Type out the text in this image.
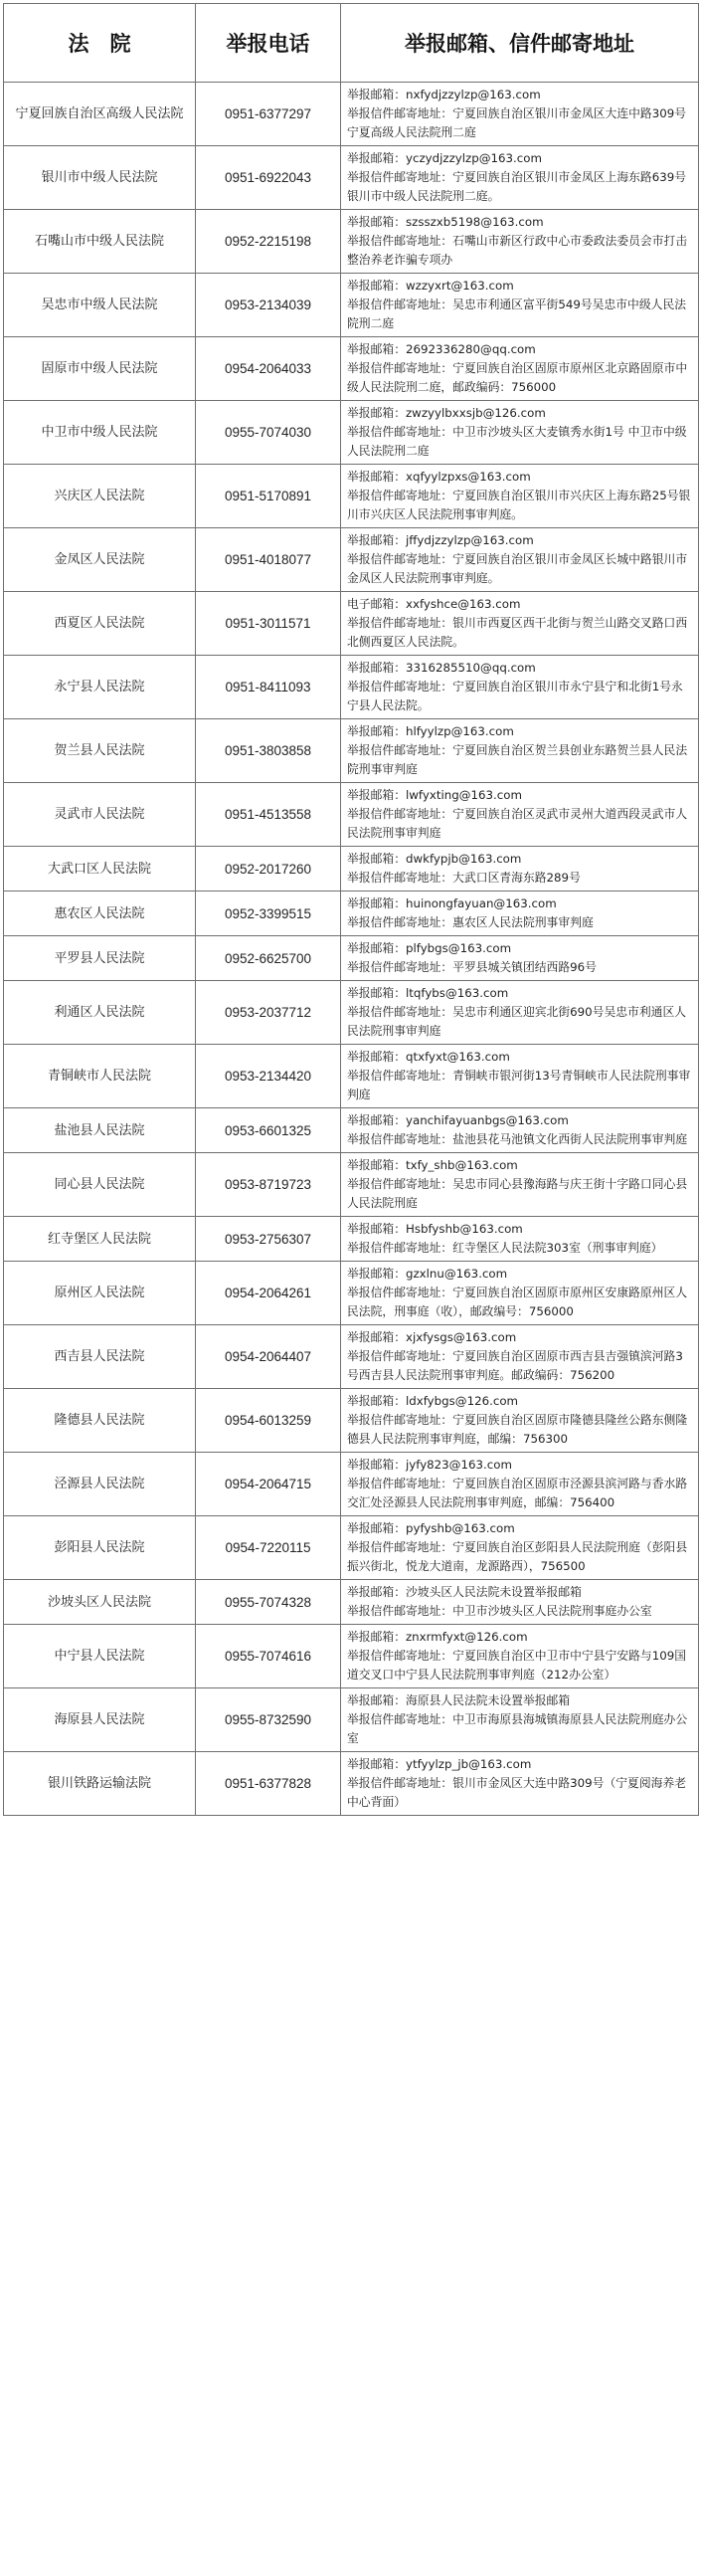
法　院	举报电话	举报邮箱、信件邮寄地址
宁夏回族自治区高级人民法院	0951-6377297	举报邮箱：nxfydjzzylzp@163.com
举报信件邮寄地址：宁夏回族自治区银川市金凤区大连中路309号宁夏高级人民法院刑二庭

银川市中级人民法院	0951-6922043	举报邮箱：yczydjzzylzp@163.com
举报信件邮寄地址：宁夏回族自治区银川市金凤区上海东路639号银川市中级人民法院刑二庭。

石嘴山市中级人民法院	0952-2215198	举报邮箱：szsszxb5198@163.com
举报信件邮寄地址：石嘴山市新区行政中心市委政法委员会市打击整治养老诈骗专项办

吴忠市中级人民法院	0953-2134039	举报邮箱：wzzyxrt@163.com
举报信件邮寄地址：吴忠市利通区富平街549号吴忠市中级人民法院刑二庭

固原市中级人民法院	0954-2064033	举报邮箱：2692336280@qq.com
举报信件邮寄地址：宁夏回族自治区固原市原州区北京路固原市中级人民法院刑二庭，邮政编码：756000

中卫市中级人民法院	0955-7074030	举报邮箱：zwzyylbxxsjb@126.com
举报信件邮寄地址：中卫市沙坡头区大麦镇秀水街1号 中卫市中级人民法院刑二庭

兴庆区人民法院	0951-5170891	举报邮箱：xqfyylzpxs@163.com
举报信件邮寄地址：宁夏回族自治区银川市兴庆区上海东路25号银川市兴庆区人民法院刑事审判庭。

金凤区人民法院	0951-4018077	举报邮箱：jffydjzzylzp@163.com
举报信件邮寄地址：宁夏回族自治区银川市金凤区长城中路银川市金凤区人民法院刑事审判庭。

西夏区人民法院	0951-3011571	电子邮箱：xxfyshce@163.com
举报信件邮寄地址：银川市西夏区西干北街与贺兰山路交叉路口西北侧西夏区人民法院。

永宁县人民法院	0951-8411093	举报邮箱：3316285510@qq.com
举报信件邮寄地址：宁夏回族自治区银川市永宁县宁和北街1号永宁县人民法院。

贺兰县人民法院	0951-3803858	举报邮箱：hlfyylzp@163.com
举报信件邮寄地址：宁夏回族自治区贺兰县创业东路贺兰县人民法院刑事审判庭

灵武市人民法院	0951-4513558	举报邮箱：lwfyxting@163.com
举报信件邮寄地址：宁夏回族自治区灵武市灵州大道西段灵武市人民法院刑事审判庭

大武口区人民法院	0952-2017260	举报邮箱：dwkfypjb@163.com
举报信件邮寄地址：大武口区青海东路289号

惠农区人民法院	0952-3399515	举报邮箱：huinongfayuan@163.com
举报信件邮寄地址：惠农区人民法院刑事审判庭

平罗县人民法院	0952-6625700	举报邮箱：plfybgs@163.com
举报信件邮寄地址：平罗县城关镇团结西路96号

利通区人民法院	0953-2037712	举报邮箱：ltqfybs@163.com
举报信件邮寄地址：吴忠市利通区迎宾北街690号吴忠市利通区人民法院刑事审判庭

青铜峡市人民法院	0953-2134420	举报邮箱：qtxfyxt@163.com
举报信件邮寄地址：青铜峡市银河街13号青铜峡市人民法院刑事审判庭

盐池县人民法院	0953-6601325	举报邮箱：yanchifayuanbgs@163.com
举报信件邮寄地址：盐池县花马池镇文化西街人民法院刑事审判庭

同心县人民法院	0953-8719723	举报邮箱：txfy_shb@163.com
举报信件邮寄地址：吴忠市同心县豫海路与庆王街十字路口同心县人民法院刑庭

红寺堡区人民法院	0953-2756307	举报邮箱：Hsbfyshb@163.com
举报信件邮寄地址：红寺堡区人民法院303室（刑事审判庭）

原州区人民法院	0954-2064261	举报邮箱：gzxlnu@163.com
举报信件邮寄地址：宁夏回族自治区固原市原州区安康路原州区人民法院，刑事庭（收），邮政编号：756000

西吉县人民法院	0954-2064407	举报邮箱：xjxfysgs@163.com
举报信件邮寄地址：宁夏回族自治区固原市西吉县吉强镇滨河路3号西吉县人民法院刑事审判庭。邮政编码：756200

隆德县人民法院	0954-6013259	举报邮箱：ldxfybgs@126.com
举报信件邮寄地址：宁夏回族自治区固原市隆德县隆丝公路东侧隆德县人民法院刑事审判庭，邮编：756300

泾源县人民法院	0954-2064715	举报邮箱：jyfy823@163.com
举报信件邮寄地址：宁夏回族自治区固原市泾源县滨河路与香水路交汇处泾源县人民法院刑事审判庭，邮编：756400

彭阳县人民法院	0954-7220115	举报邮箱：pyfyshb@163.com
举报信件邮寄地址：宁夏回族自治区彭阳县人民法院刑庭（彭阳县振兴街北，悦龙大道南，龙源路西），756500

沙坡头区人民法院	0955-7074328	举报邮箱：沙坡头区人民法院未设置举报邮箱
举报信件邮寄地址：中卫市沙坡头区人民法院刑事庭办公室

中宁县人民法院	0955-7074616	举报邮箱：znxrmfyxt@126.com
举报信件邮寄地址：宁夏回族自治区中卫市中宁县宁安路与109国道交叉口中宁县人民法院刑事审判庭（212办公室）

海原县人民法院	0955-8732590	举报邮箱：海原县人民法院未设置举报邮箱
举报信件邮寄地址：中卫市海原县海城镇海原县人民法院刑庭办公室

银川铁路运输法院	0951-6377828	举报邮箱：ytfyylzp_jb@163.com
举报信件邮寄地址：银川市金凤区大连中路309号（宁夏阅海养老中心背面）
